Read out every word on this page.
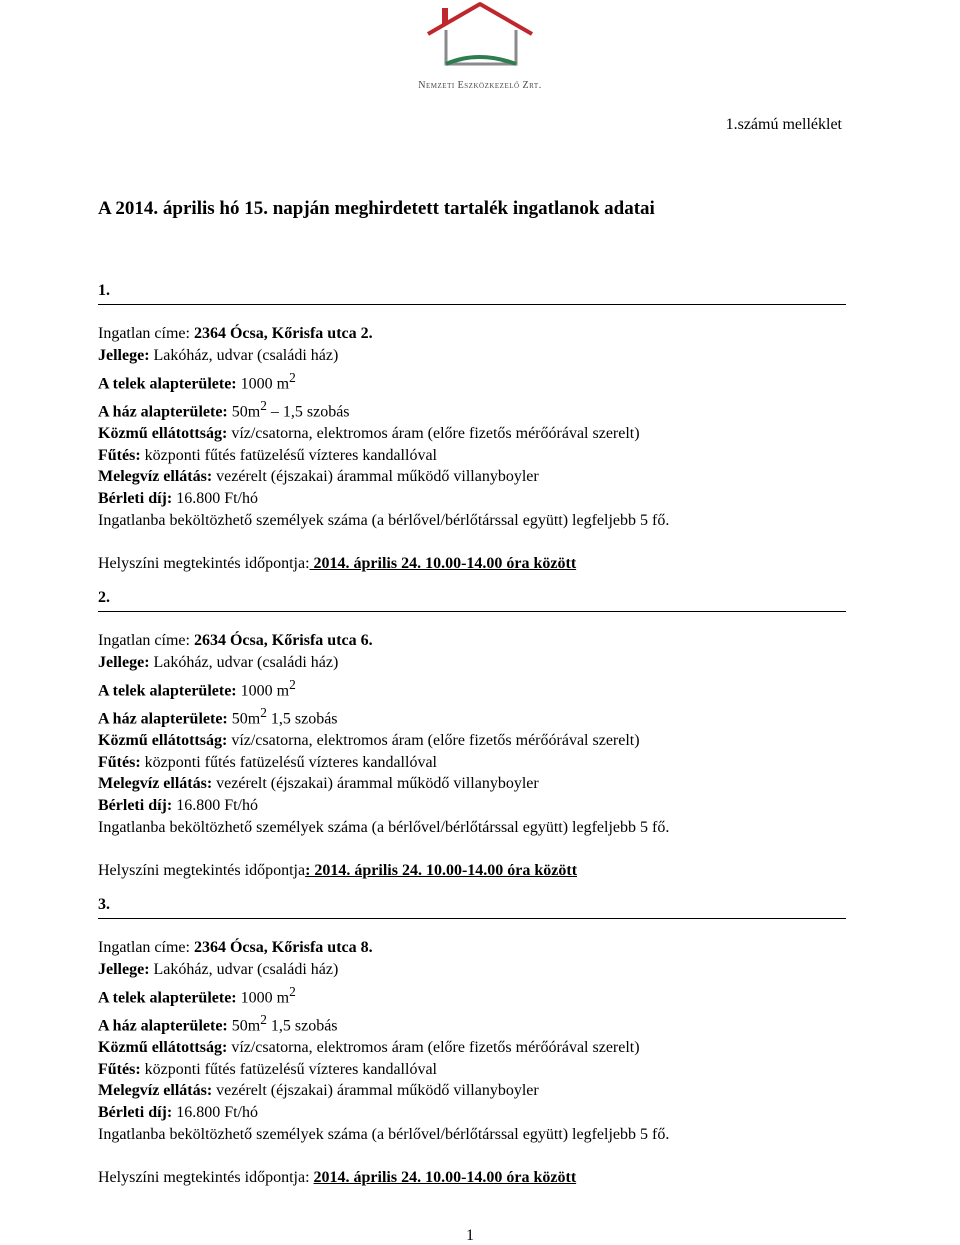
Nemzeti Eszközkezelő Zrt.
1.számú melléklet
A 2014. április hó 15. napján meghirdetett tartalék ingatlanok adatai
1.
Ingatlan címe: 2364 Ócsa, Kőrisfa utca 2.
Jellege: Lakóház, udvar (családi ház)
A telek alapterülete: 1000 $m^2$
A ház alapterülete: $50m^2 - 1,5$ szobás
Közmű ellátottság: víz/csatorna, elektromos áram (előre fizetős mérőórával szerelt)
Fűtés: központi fűtés fatüzelésű vízteres kandallóval
Melegvíz ellátás: vezérelt (éjszakai) árammal működő villanyboyler
Bérleti díj: 16.800 Ft/hó
Ingatlanba beköltözhető személyek száma (a bérlővel/bérlőtárssal együtt) legfeljebb 5 fő.
Helyszíni megtekintés időpontja: 2014. április 24. 10.00-14.00 óra között
2.
Ingatlan címe: 2634 Ócsa, Kőrisfa utca 6.
Jellege: Lakóház, udvar (családi ház)
A telek alapterülete: 1000 $m^2$
A ház alapterülete: $50m^2$ 1,5 szobás
Közmű ellátottság: víz/csatorna, elektromos áram (előre fizetős mérőórával szerelt)
Fűtés: központi fűtés fatüzelésű vízteres kandallóval
Melegvíz ellátás: vezérelt (éjszakai) árammal működő villanyboyler
Bérleti díj: 16.800 Ft/hó
Ingatlanba beköltözhető személyek száma (a bérlővel/bérlőtárssal együtt) legfeljebb 5 fő.
Helyszíni megtekintés időpontja: 2014. április 24. 10.00-14.00 óra között
3.
Ingatlan címe: 2364 Ócsa, Kőrisfa utca 8.
Jellege: Lakóház, udvar (családi ház)
A telek alapterülete: 1000 $m^2$
A ház alapterülete: $50m^2$ 1,5 szobás
Közmű ellátottság: víz/csatorna, elektromos áram (előre fizetős mérőórával szerelt)
Fűtés: központi fűtés fatüzelésű vízteres kandallóval
Melegvíz ellátás: vezérelt (éjszakai) árammal működő villanyboyler
Bérleti díj: 16.800 Ft/hó
Ingatlanba beköltözhető személyek száma (a bérlővel/bérlőtárssal együtt) legfeljebb 5 fő.
Helyszíni megtekintés időpontja: 2014. április 24. 10.00-14.00 óra között
1
